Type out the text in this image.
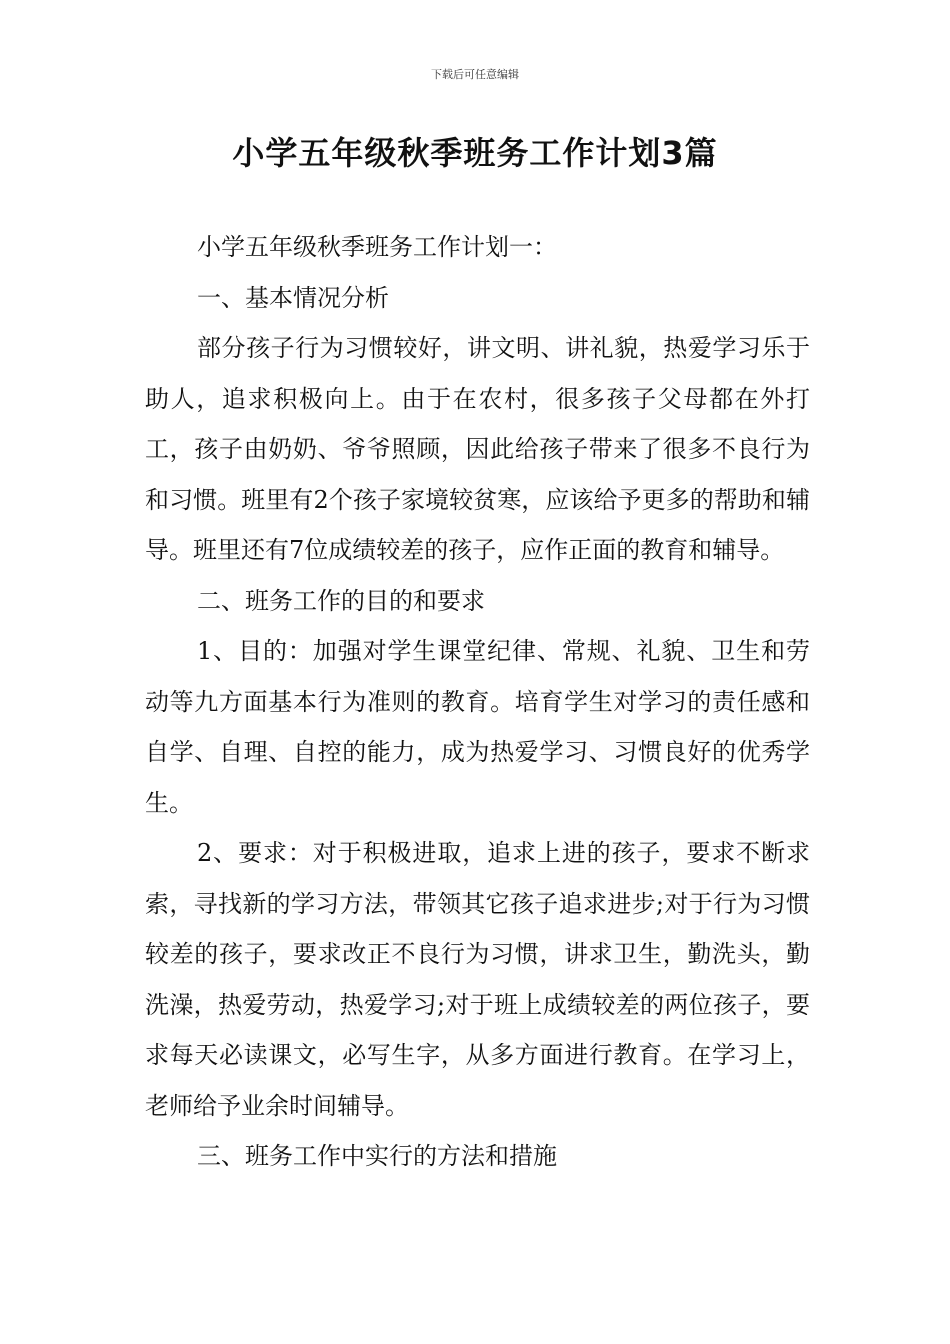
下载后可任意编辑
小学五年级秋季班务工作计划3篇

小学五年级秋季班务工作计划一：

一、基本情况分析

部分孩子行为习惯较好，讲文明、讲礼貌，热爱学习乐于助人，追求积极向上。由于在农村，很多孩子父母都在外打工，孩子由奶奶、爷爷照顾，因此给孩子带来了很多不良行为和习惯。班里有2个孩子家境较贫寒，应该给予更多的帮助和辅导。班里还有7位成绩较差的孩子，应作正面的教育和辅导。

二、班务工作的目的和要求

1、目的：加强对学生课堂纪律、常规、礼貌、卫生和劳动等九方面基本行为准则的教育。培育学生对学习的责任感和自学、自理、自控的能力，成为热爱学习、习惯良好的优秀学生。

2、要求：对于积极进取，追求上进的孩子，要求不断求索，寻找新的学习方法，带领其它孩子追求进步;对于行为习惯较差的孩子，要求改正不良行为习惯，讲求卫生，勤洗头，勤洗澡，热爱劳动，热爱学习;对于班上成绩较差的两位孩子，要求每天必读课文，必写生字，从多方面进行教育。在学习上，老师给予业余时间辅导。

三、班务工作中实行的方法和措施
